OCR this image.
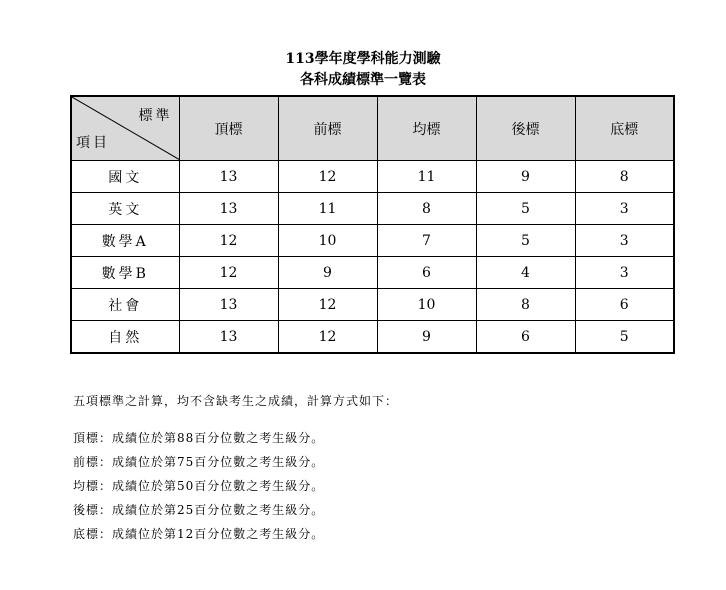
113學年度學科能力測驗
各科成績標準一覽表
標準
項目	頂標	前標	均標	後標	底標
國文	13	12	11	9	8
英文	13	11	8	5	3
數學A	12	10	7	5	3
數學B	12	9	6	4	3
社會	13	12	10	8	6
自然	13	12	9	6	5
五項標準之計算，均不含缺考生之成績，計算方式如下：
頂標：成績位於第88百分位數之考生級分。
前標：成績位於第75百分位數之考生級分。
均標：成績位於第50百分位數之考生級分。
後標：成績位於第25百分位數之考生級分。
底標：成績位於第12百分位數之考生級分。
